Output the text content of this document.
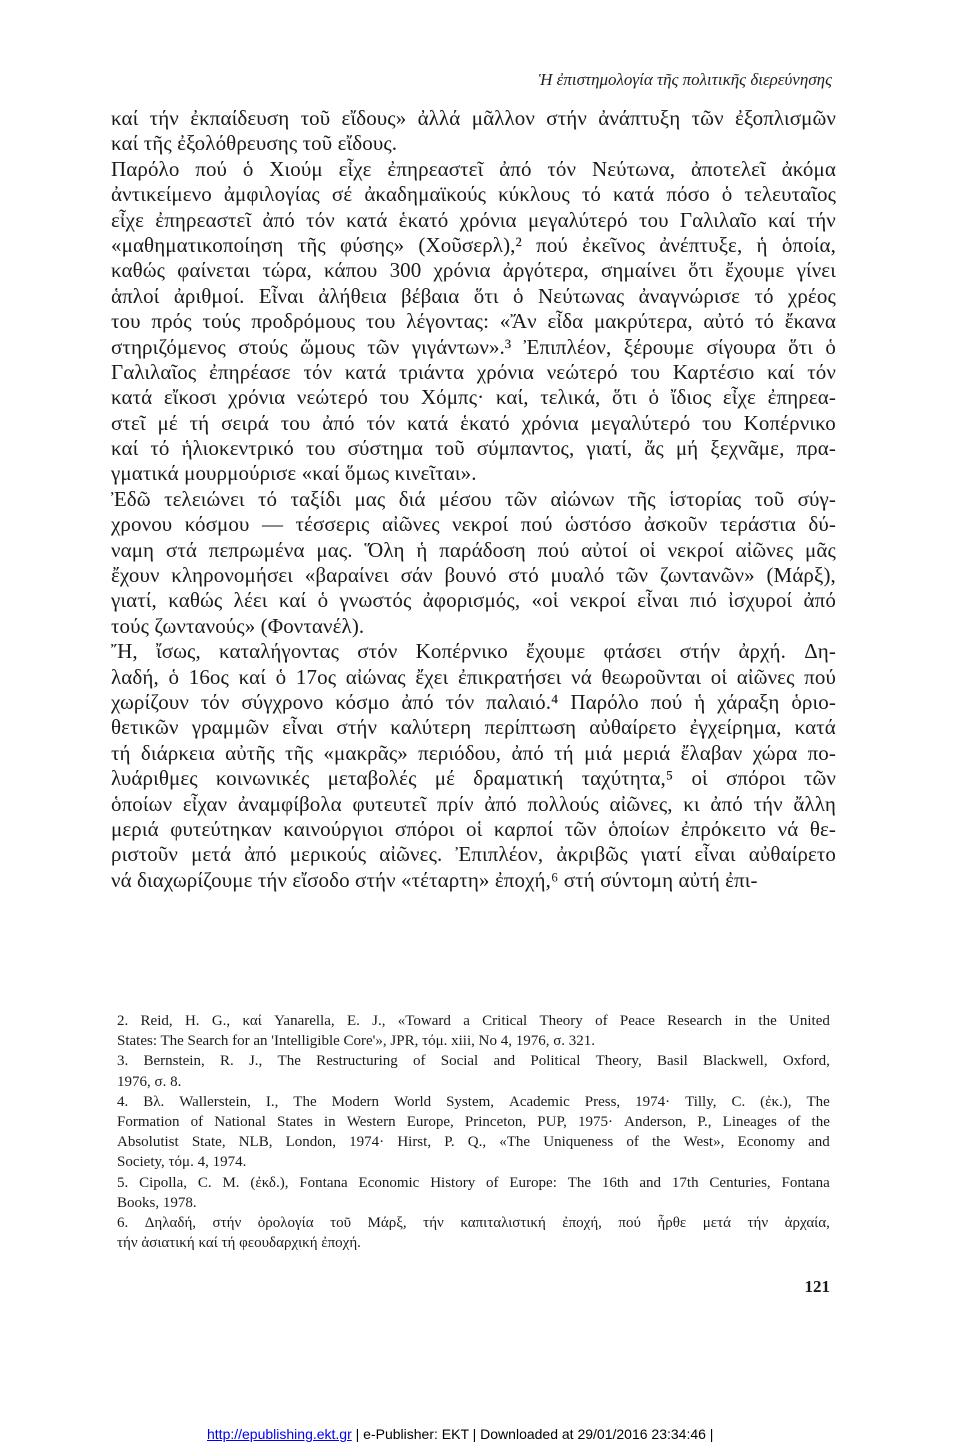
Ἡ ἐπιστημολογία τῆς πολιτικῆς διερεύνησης
καί τήν ἐκπαίδευση τοῦ εἴδους» ἀλλά μᾶλλον στήν ἀνάπτυξη τῶν ἐξοπλισμῶν
καί τῆς ἐξολόθρευσης τοῦ εἴδους.
Παρόλο πού ὁ Χιούμ εἶχε ἐπηρεαστεῖ ἀπό τόν Νεύτωνα, ἀποτελεῖ ἀκόμα
ἀντικείμενο ἀμφιλογίας σέ ἀκαδημαϊκούς κύκλους τό κατά πόσο ὁ τελευταῖος
εἶχε ἐπηρεαστεῖ ἀπό τόν κατά ἑκατό χρόνια μεγαλύτερό του Γαλιλαῖο καί τήν
«μαθηματικοποίηση τῆς φύσης» (Χοῦσερλ),² πού ἐκεῖνος ἀνέπτυξε, ἡ ὁποία,
καθώς φαίνεται τώρα, κάπου 300 χρόνια ἀργότερα, σημαίνει ὅτι ἔχουμε γίνει
ἁπλοί ἀριθμοί. Εἶναι ἀλήθεια βέβαια ὅτι ὁ Νεύτωνας ἀναγνώρισε τό χρέος
του πρός τούς προδρόμους του λέγοντας: «Ἄν εἶδα μακρύτερα, αὐτό τό ἔκανα
στηριζόμενος στούς ὤμους τῶν γιγάντων».³ Ἐπιπλέον, ξέρουμε σίγουρα ὅτι ὁ
Γαλιλαῖος ἐπηρέασε τόν κατά τριάντα χρόνια νεώτερό του Καρτέσιο καί τόν
κατά εἴκοσι χρόνια νεώτερό του Χόμπς· καί, τελικά, ὅτι ὁ ἴδιος εἶχε ἐπηρεα-
στεῖ μέ τή σειρά του ἀπό τόν κατά ἑκατό χρόνια μεγαλύτερό του Κοπέρνικο
καί τό ἡλιοκεντρικό του σύστημα τοῦ σύμπαντος, γιατί, ἄς μή ξεχνᾶμε, πρα-
γματικά μουρμούρισε «καί ὅμως κινεῖται».
Ἐδῶ τελειώνει τό ταξίδι μας διά μέσου τῶν αἰώνων τῆς ἱστορίας τοῦ σύγ-
χρονου κόσμου — τέσσερις αἰῶνες νεκροί πού ὡστόσο ἀσκοῦν τεράστια δύ-
ναμη στά πεπρωμένα μας. Ὅλη ἡ παράδοση πού αὐτοί οἱ νεκροί αἰῶνες μᾶς
ἔχουν κληρονομήσει «βαραίνει σάν βουνό στό μυαλό τῶν ζωντανῶν» (Μάρξ),
γιατί, καθώς λέει καί ὁ γνωστός ἀφορισμός, «οἱ νεκροί εἶναι πιό ἰσχυροί ἀπό
τούς ζωντανούς» (Φοντανέλ).
Ἤ, ἴσως, καταλήγοντας στόν Κοπέρνικο ἔχουμε φτάσει στήν ἀρχή. Δη-
λαδή, ὁ 16ος καί ὁ 17ος αἰώνας ἔχει ἐπικρατήσει νά θεωροῦνται οἱ αἰῶνες πού
χωρίζουν τόν σύγχρονο κόσμο ἀπό τόν παλαιό.⁴ Παρόλο πού ἡ χάραξη ὁριο-
θετικῶν γραμμῶν εἶναι στήν καλύτερη περίπτωση αὐθαίρετο ἐγχείρημα, κατά
τή διάρκεια αὐτῆς τῆς «μακρᾶς» περιόδου, ἀπό τή μιά μεριά ἔλαβαν χώρα πο-
λυάριθμες κοινωνικές μεταβολές μέ δραματική ταχύτητα,⁵ οἱ σπόροι τῶν
ὁποίων εἶχαν ἀναμφίβολα φυτευτεῖ πρίν ἀπό πολλούς αἰῶνες, κι ἀπό τήν ἄλλη
μεριά φυτεύτηκαν καινούργιοι σπόροι οἱ καρποί τῶν ὁποίων ἐπρόκειτο νά θε-
ριστοῦν μετά ἀπό μερικούς αἰῶνες. Ἐπιπλέον, ἀκριβῶς γιατί εἶναι αὐθαίρετο
νά διαχωρίζουμε τήν εἴσοδο στήν «τέταρτη» ἐποχή,⁶ στή σύντομη αὐτή ἐπι-
2. Reid, H. G., καί Yanarella, E. J., «Toward a Critical Theory of Peace Research in the United
States: The Search for an 'Intelligible Core'», JPR, τόμ. xiii, No 4, 1976, σ. 321.
3. Bernstein, R. J., The Restructuring of Social and Political Theory, Basil Blackwell, Oxford,
1976, σ. 8.
4. Βλ. Wallerstein, I., The Modern World System, Academic Press, 1974· Tilly, C. (ἐκ.), The
Formation of National States in Western Europe, Princeton, PUP, 1975· Anderson, P., Lineages of the
Absolutist State, NLB, London, 1974· Hirst, P. Q., «The Uniqueness of the West», Economy and
Society, τόμ. 4, 1974.
5. Cipolla, C. M. (ἐκδ.), Fontana Economic History of Europe: The 16th and 17th Centuries, Fontana
Books, 1978.
6. Δηλαδή, στήν ὁρολογία τοῦ Μάρξ, τήν καπιταλιστική ἐποχή, πού ἦρθε μετά τήν ἀρχαία,
τήν ἀσιατική καί τή φεουδαρχική ἐποχή.
121
http://epublishing.ekt.gr | e-Publisher: EKT | Downloaded at 29/01/2016 23:34:46 |
